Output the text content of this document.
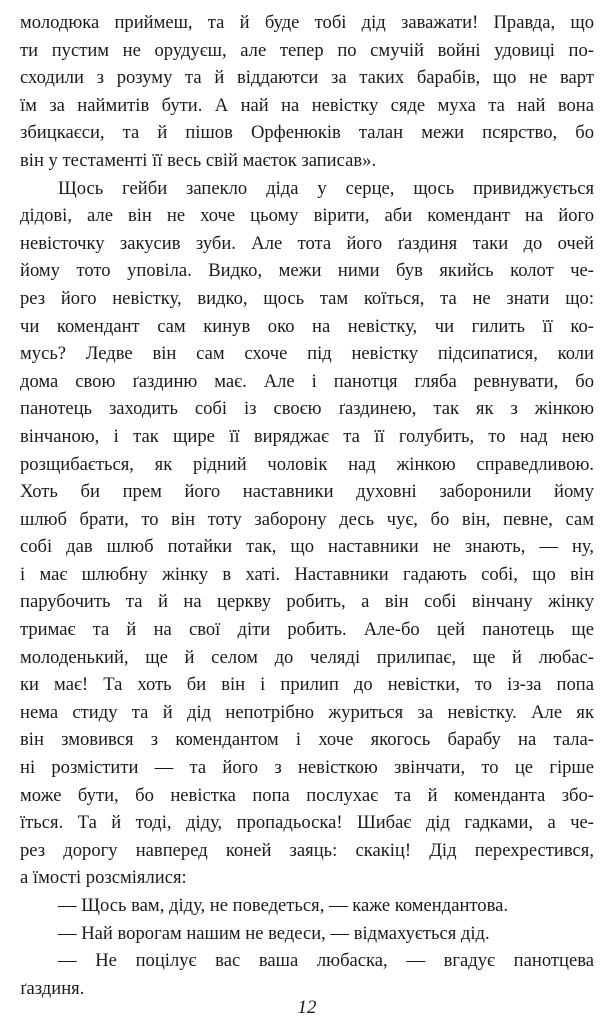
молодюка приймеш, та й буде тобі дід заважати! Правда, що
ти пустим не орудуєш, але тепер по смучій войні удовиці по-
сходили з розуму та й віддаютси за таких барабів, що не варт
їм за наймитів бути. А най на невістку сяде муха та най вона
збицкаєси, та й пішов Орфенюків талан межи псярство, бо
він у тестаменті її весь свій маєток записав».

Щось гейби запекло діда у серце, щось привиджується
дідові, але він не хоче цьому вірити, аби комендант на його
невісточку закусив зуби. Але тота його ґаздиня таки до очей
йому тото уповіла. Видко, межи ними був якийсь колот че-
рез його невістку, видко, щось там коїться, та не знати що:
чи комендант сам кинув око на невістку, чи гилить її ко-
мусь? Ледве він сам схоче під невістку підсипатися, коли
дома свою ґаздиню має. Але і панотця гляба ревнувати, бо
панотець заходить собі із своєю ґаздинею, так як з жінкою
вінчаною, і так щире її виряджає та її голубить, то над нею
розщибається, як рідний чоловік над жінкою справедливою.
Хоть би прем його наставники духовні заборонили йому
шлюб брати, то він тоту заборону десь чує, бо він, певне, сам
собі дав шлюб потайки так, що наставники не знають, — ну,
і має шлюбну жінку в хаті. Наставники гадають собі, що він
парубочить та й на церкву робить, а він собі вінчану жінку
тримає та й на свої діти робить. Але-бо цей панотець ще
молоденький, ще й селом до челяді прилипає, ще й любас-
ки має! Та хоть би він і прилип до невістки, то із-за попа
нема стиду та й дід непотрібно журиться за невістку. Але як
він змовився з комендантом і хоче якогось барабу на тала-
ні розмістити — та його з невісткою звінчати, то це гірше
може бути, бо невістка попа послухає та й коменданта збо-
їться. Та й тоді, діду, пропадьоска! Шибає дід гадками, а че-
рез дорогу навперед коней заяць: скакіц! Дід перехрестився,
а їмості розсміялися:

— Щось вам, діду, не поведеться, — каже комендантова.

— Най ворогам нашим не ведеси, — відмахується дід.

— Не поцілує вас ваша любаска, — вгадує панотцева
ґаздиня.

12
